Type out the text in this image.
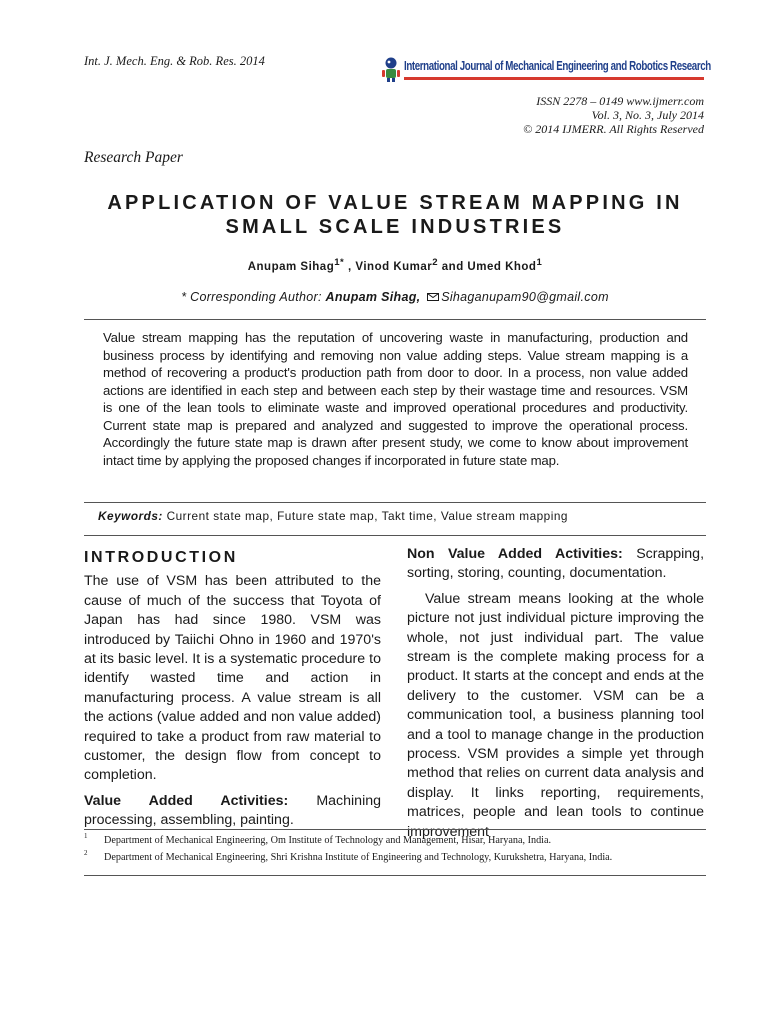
Int. J. Mech. Eng. & Rob. Res. 2014	International Journal of Mechanical Engineering and Robotics Research
ISSN 2278 – 0149 www.ijmerr.com
Vol. 3, No. 3, July 2014
© 2014 IJMERR. All Rights Reserved
Research Paper
APPLICATION OF VALUE STREAM MAPPING IN SMALL SCALE INDUSTRIES
Anupam Sihag$^{1*}$ , Vinod Kumar$^2$ and Umed Khod$^1$
* Corresponding Author: Anupam Sihag, Sihaganupam90@gmail.com

Value stream mapping has the reputation of uncovering waste in manufacturing, production and business process by identifying and removing non value adding steps. Value stream mapping is a method of recovering a product's production path from door to door. In a process, non value added actions are identified in each step and between each step by their wastage time and resources. VSM is one of the lean tools to eliminate waste and improved operational procedures and productivity. Current state map is prepared and analyzed and suggested to improve the operational process. Accordingly the future state map is drawn after present study, we come to know about improvement intact time by applying the proposed changes if incorporated in future state map.

Keywords: Current state map, Future state map, Takt time, Value stream mapping
INTRODUCTION

The use of VSM has been attributed to the cause of much of the success that Toyota of Japan has had since 1980. VSM was introduced by Taiichi Ohno in 1960 and 1970's at its basic level. It is a systematic procedure to identify wasted time and action in manufacturing process. A value stream is all the actions (value added and non value added) required to take a product from raw material to customer, the design flow from concept to completion.

Value Added Activities: Machining processing, assembling, painting.

Non Value Added Activities: Scrapping, sorting, storing, counting, documentation.

Value stream means looking at the whole picture not just individual picture improving the whole, not just individual part. The value stream is the complete making process for a product. It starts at the concept and ends at the delivery to the customer. VSM can be a communication tool, a business planning tool and a tool to manage change in the production process. VSM provides a simple yet through method that relies on current data analysis and display. It links reporting, requirements, matrices, people and lean tools to continue improvement

1 Department of Mechanical Engineering, Om Institute of Technology and Management, Hisar, Haryana, India.
2 Department of Mechanical Engineering, Shri Krishna Institute of Engineering and Technology, Kurukshetra, Haryana, India.
